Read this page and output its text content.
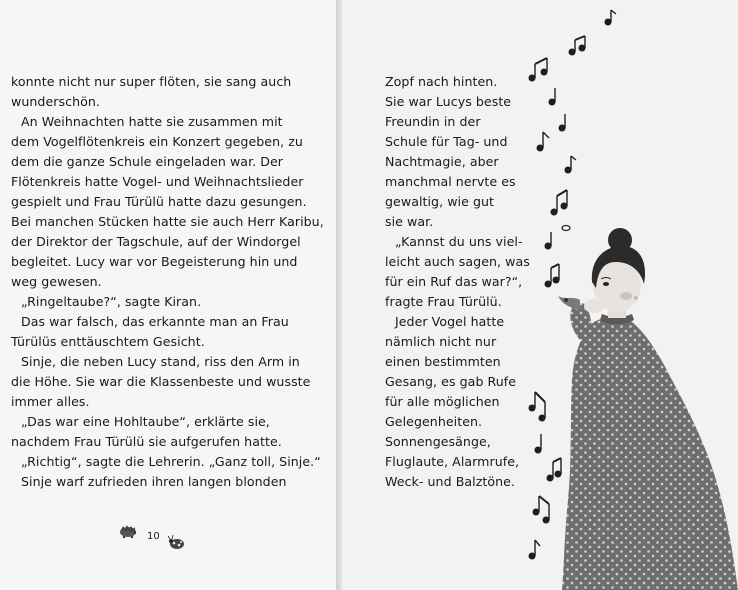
konnte nicht nur super flöten, sie sang auch
wunderschön.
An Weihnachten hatte sie zusammen mit
dem Vogelflötenkreis ein Konzert gegeben, zu
dem die ganze Schule eingeladen war. Der
Flötenkreis hatte Vogel- und Weihnachtslieder
gespielt und Frau Türülü hatte dazu gesungen.
Bei manchen Stücken hatte sie auch Herr Karibu,
der Direktor der Tagschule, auf der Windorgel
begleitet. Lucy war vor Begeisterung hin und
weg gewesen.
„Ringeltaube?“, sagte Kiran.
Das war falsch, das erkannte man an Frau
Türülüs enttäuschtem Gesicht.
Sinje, die neben Lucy stand, riss den Arm in
die Höhe. Sie war die Klassenbeste und wusste
immer alles.
„Das war eine Hohltaube“, erklärte sie,
nachdem Frau Türülü sie aufgerufen hatte.
„Richtig“, sagte die Lehrerin. „Ganz toll, Sinje.“
Sinje warf zufrieden ihren langen blonden
10
Zopf nach hinten.
Sie war Lucys beste
Freundin in der
Schule für Tag- und
Nachtmagie, aber
manchmal nervte es
gewaltig, wie gut
sie war.
„Kannst du uns viel-
leicht auch sagen, was
für ein Ruf das war?“,
fragte Frau Türülü.
Jeder Vogel hatte
nämlich nicht nur
einen bestimmten
Gesang, es gab Rufe
für alle möglichen
Gelegenheiten.
Sonnengesänge,
Fluglaute, Alarmrufe,
Weck- und Balztöne.
